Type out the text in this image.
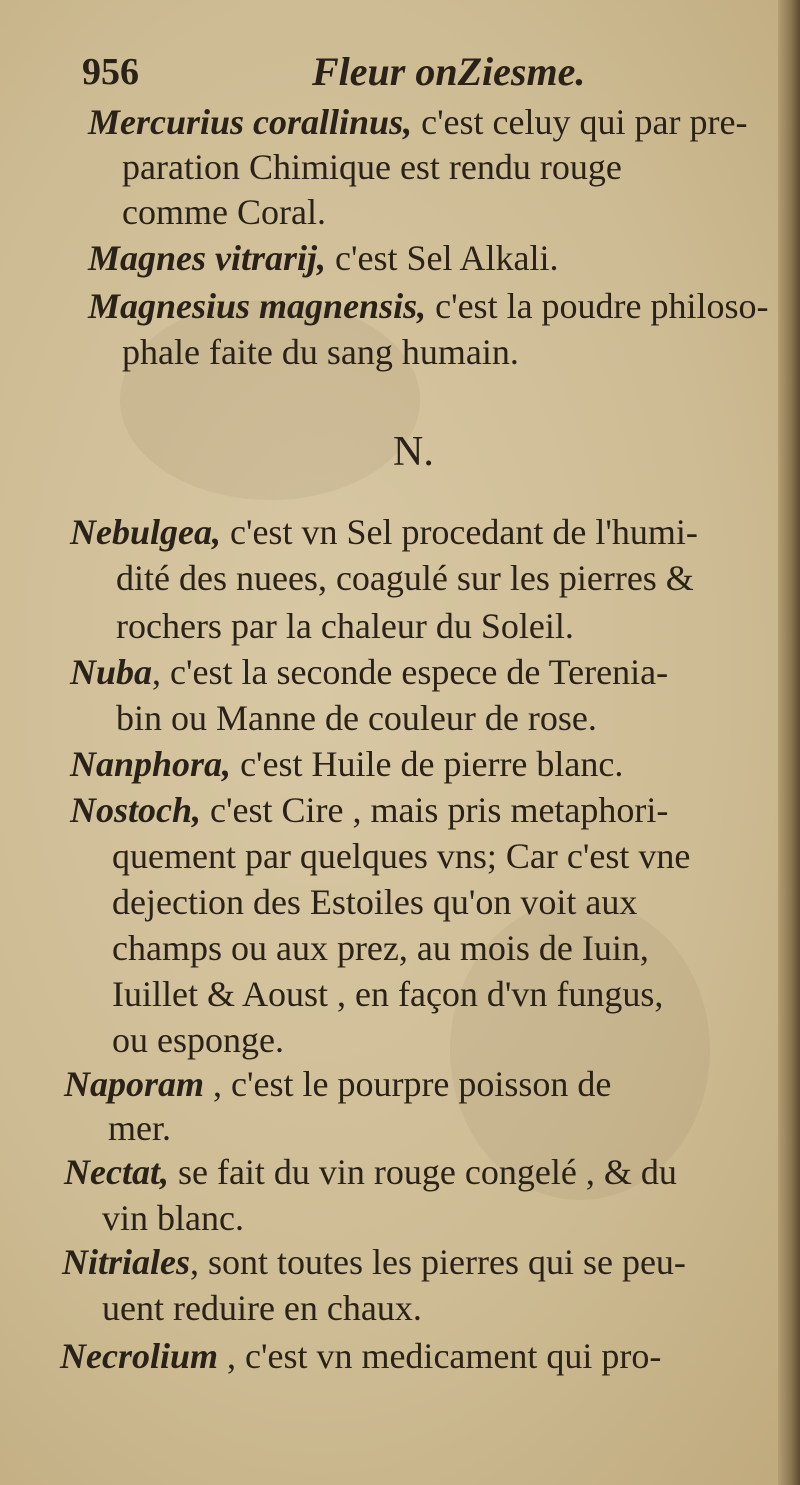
956	Fleur onZiesme.
Mercurius corallinus, c'est celuy qui par pre-
paration Chimique est rendu rouge
comme Coral.
Magnes vitrarij, c'est Sel Alkali.
Magnesius magnensis, c'est la poudre philoso-
phale faite du sang humain.
N.
Nebulgea, c'est vn Sel procedant de l'humi-
dité des nuees, coagulé sur les pierres &
rochers par la chaleur du Soleil.
Nuba, c'est la seconde espece de Terenia-
bin ou Manne de couleur de rose.
Nanphora, c'est Huile de pierre blanc.
Nostoch, c'est Cire , mais pris metaphori-
quement par quelques vns; Car c'est vne
dejection des Estoiles qu'on voit aux
champs ou aux prez, au mois de Iuin,
Iuillet & Aoust , en façon d'vn fungus,
ou esponge.
Naporam , c'est le pourpre poisson de
mer.
Nectat, se fait du vin rouge congelé , & du
vin blanc.
Nitriales, sont toutes les pierres qui se peu-
uent reduire en chaux.
Necrolium , c'est vn medicament qui pro-
